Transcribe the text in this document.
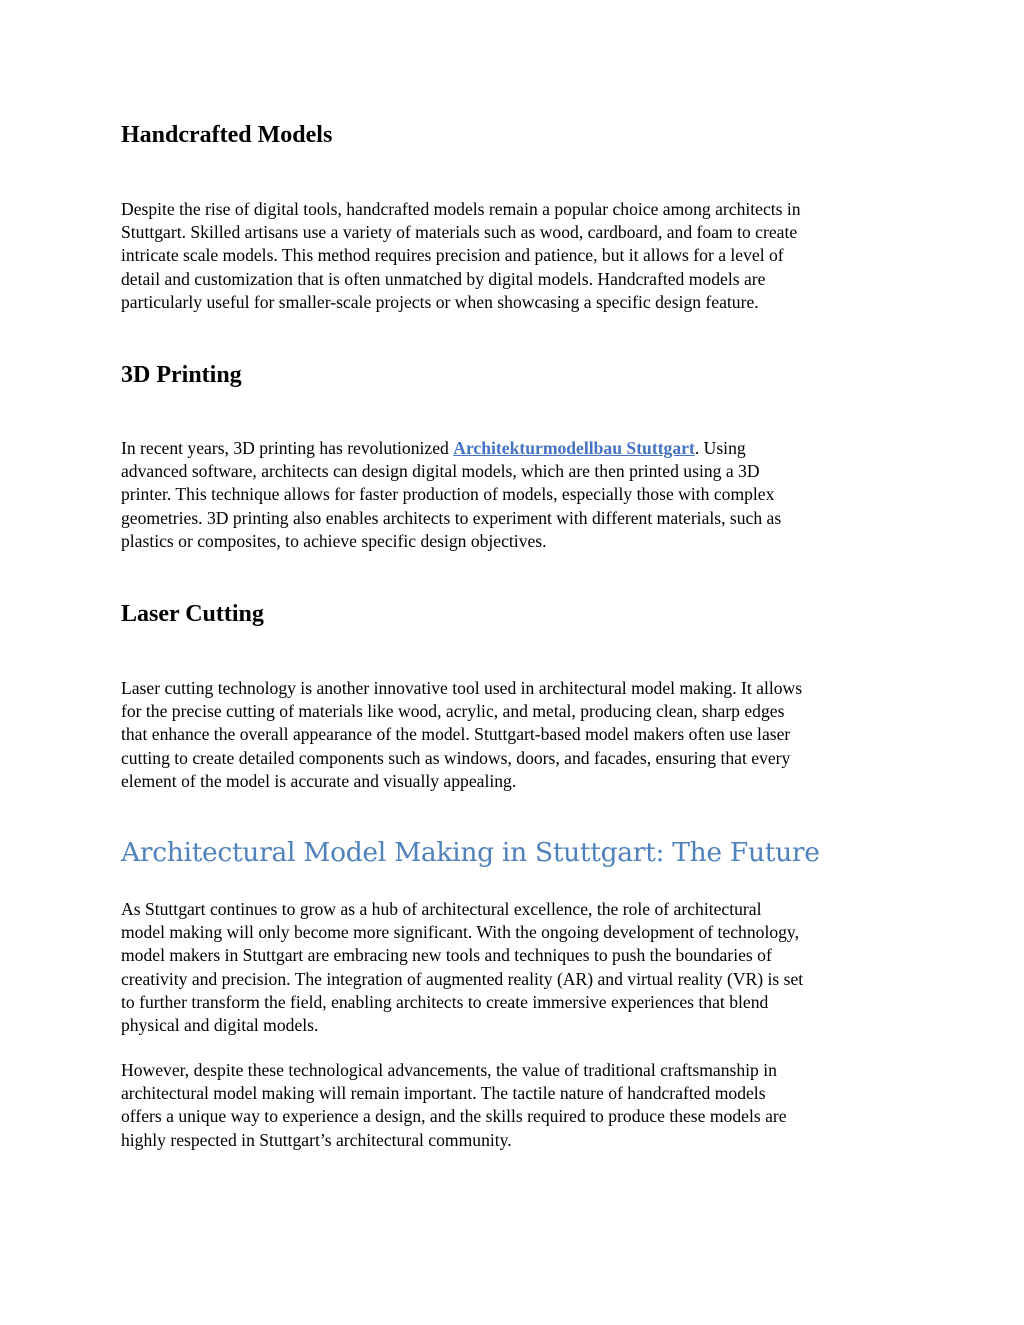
Handcrafted Models

Despite the rise of digital tools, handcrafted models remain a popular choice among architects in
Stuttgart. Skilled artisans use a variety of materials such as wood, cardboard, and foam to create
intricate scale models. This method requires precision and patience, but it allows for a level of
detail and customization that is often unmatched by digital models. Handcrafted models are
particularly useful for smaller-scale projects or when showcasing a specific design feature.

3D Printing

In recent years, 3D printing has revolutionized Architekturmodellbau Stuttgart. Using
advanced software, architects can design digital models, which are then printed using a 3D
printer. This technique allows for faster production of models, especially those with complex
geometries. 3D printing also enables architects to experiment with different materials, such as
plastics or composites, to achieve specific design objectives.

Laser Cutting

Laser cutting technology is another innovative tool used in architectural model making. It allows
for the precise cutting of materials like wood, acrylic, and metal, producing clean, sharp edges
that enhance the overall appearance of the model. Stuttgart-based model makers often use laser
cutting to create detailed components such as windows, doors, and facades, ensuring that every
element of the model is accurate and visually appealing.

Architectural Model Making in Stuttgart: The Future

As Stuttgart continues to grow as a hub of architectural excellence, the role of architectural
model making will only become more significant. With the ongoing development of technology,
model makers in Stuttgart are embracing new tools and techniques to push the boundaries of
creativity and precision. The integration of augmented reality (AR) and virtual reality (VR) is set
to further transform the field, enabling architects to create immersive experiences that blend
physical and digital models.

However, despite these technological advancements, the value of traditional craftsmanship in
architectural model making will remain important. The tactile nature of handcrafted models
offers a unique way to experience a design, and the skills required to produce these models are
highly respected in Stuttgart’s architectural community.
